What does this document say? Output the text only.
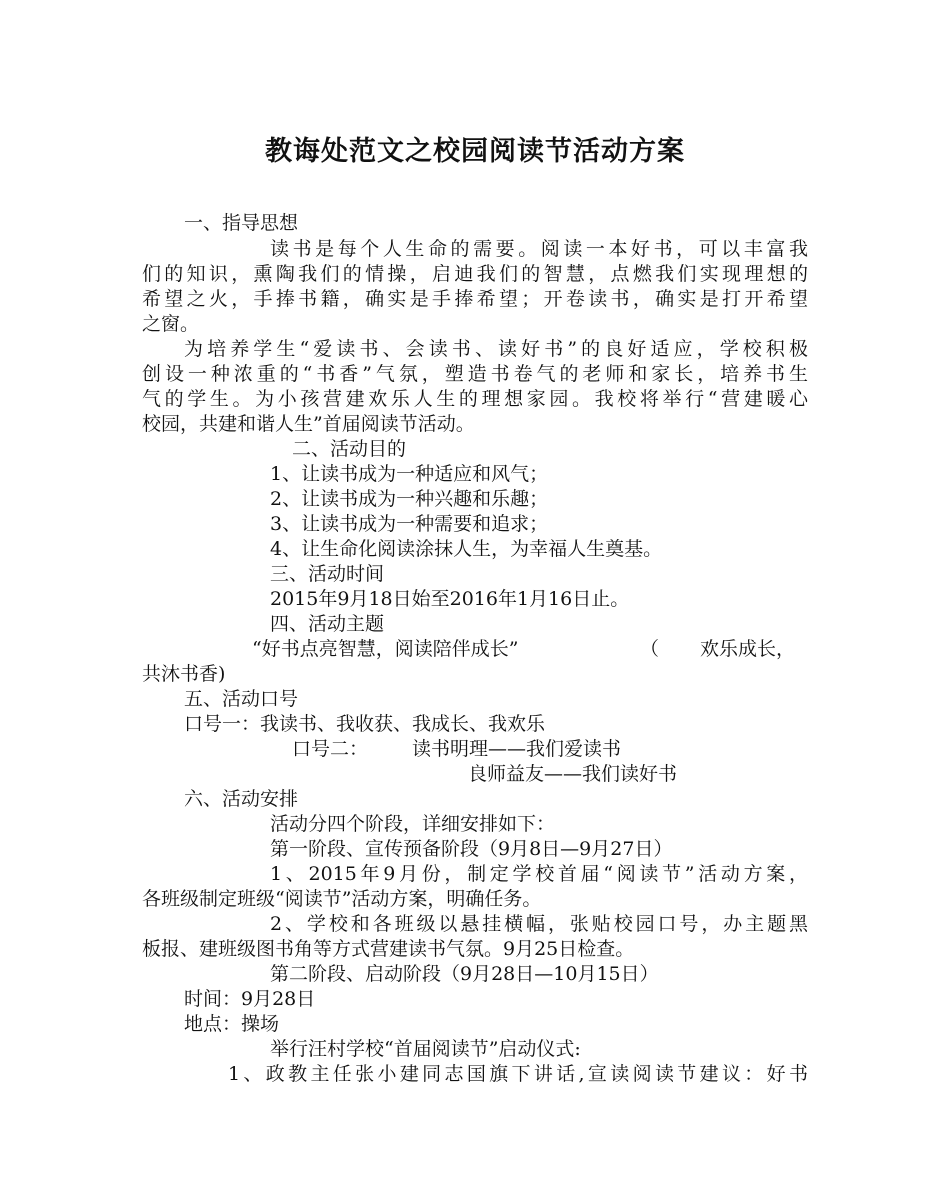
教诲处范文之校园阅读节活动方案
一、指导思想
读书是每个人生命的需要。阅读一本好书，可以丰富我
们的知识，熏陶我们的情操，启迪我们的智慧，点燃我们实现理想的
希望之火，手捧书籍，确实是手捧希望；开卷读书，确实是打开希望
之窗。
为培养学生“爱读书、会读书、读好书”的良好适应，学校积极
创设一种浓重的“书香”气氛，塑造书卷气的老师和家长，培养书生
气的学生。为小孩营建欢乐人生的理想家园。我校将举行“营建暖心
校园，共建和谐人生”首届阅读节活动。
二、活动目的
1、让读书成为一种适应和风气；
2、让读书成为一种兴趣和乐趣；
3、让读书成为一种需要和追求；
4、让生命化阅读涂抹人生，为幸福人生奠基。
三、活动时间
2015年9月18日始至2016年1月16日止。
四、活动主题
“好书点亮智慧，阅读陪伴成长”	（ 欢乐成长，
共沐书香)
五、活动口号
口号一：我读书、我收获、我成长、我欢乐
口号二： 读书明理——我们爱读书
良师益友——我们读好书
六、活动安排
活动分四个阶段，详细安排如下：
第一阶段、宣传预备阶段（9月8日—9月27日）
1、2015年9月份，制定学校首届“阅读节”活动方案，
各班级制定班级“阅读节”活动方案，明确任务。
2、学校和各班级以悬挂横幅，张贴校园口号，办主题黑
板报、建班级图书角等方式营建读书气氛。9月25日检查。
第二阶段、启动阶段（9月28日—10月15日）
时间：9月28日
地点：操场
举行汪村学校“首届阅读节”启动仪式:
1、政教主任张小建同志国旗下讲话,宣读阅读节建议：好书
